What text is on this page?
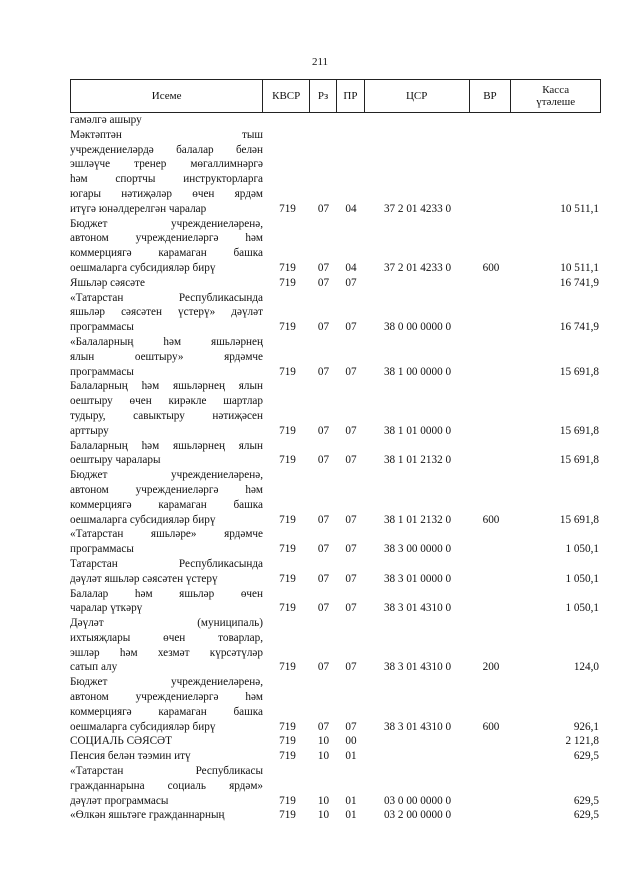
211
Исеме	КВСР	Рз	ПР	ЦСР	ВР	Касса
үтәлеше
гамәлгә ашыру
Мәктәптән тыш
учреждениеләрдә балалар белән
эшләүче тренер мөгаллимнәргә
һәм спортчы инструкторларга
югары нәтиҗәләр өчен ярдәм
итүгә юнәлдерелгән чаралар	719	07	04	37 2 01 4233 0	10 511,1
Бюджет учреждениеләренә,
автоном учреждениеләргә һәм
коммерциягә карамаган башка
оешмаларга субсидияләр бирү	719	07	04	37 2 01 4233 0	600	10 511,1
Яшьләр сәясәте	719	07	07	16 741,9
«Татарстан Республикасында
яшьләр сәясәтен үстерү» дәүләт
программасы	719	07	07	38 0 00 0000 0	16 741,9
«Балаларның һәм яшьләрнең
ялын оештыру» ярдәмче
программасы	719	07	07	38 1 00 0000 0	15 691,8
Балаларның һәм яшьләрнең ялын
оештыру өчен кирәкле шартлар
тудыру, савыктыру нәтиҗәсен
арттыру	719	07	07	38 1 01 0000 0	15 691,8
Балаларның һәм яшьләрнең ялын
оештыру чаралары	719	07	07	38 1 01 2132 0	15 691,8
Бюджет учреждениеләренә,
автоном учреждениеләргә һәм
коммерциягә карамаган башка
оешмаларга субсидияләр бирү	719	07	07	38 1 01 2132 0	600	15 691,8
«Татарстан яшьләре» ярдәмче
программасы	719	07	07	38 3 00 0000 0	1 050,1
Татарстан Республикасында
дәүләт яшьләр сәясәтен үстерү	719	07	07	38 3 01 0000 0	1 050,1
Балалар һәм яшьләр өчен
чаралар үткәрү	719	07	07	38 3 01 4310 0	1 050,1
Дәүләт (муниципаль)
ихтыяҗлары өчен товарлар,
эшләр һәм хезмәт күрсәтүләр
сатып алу	719	07	07	38 3 01 4310 0	200	124,0
Бюджет учреждениеләренә,
автоном учреждениеләргә һәм
коммерциягә карамаган башка
оешмаларга субсидияләр бирү	719	07	07	38 3 01 4310 0	600	926,1
СОЦИАЛЬ СӘЯСӘТ	719	10	00	2 121,8
Пенсия белән тәэмин итү	719	10	01	629,5
«Татарстан Республикасы
гражданнарына социаль ярдәм»
дәүләт программасы	719	10	01	03 0 00 0000 0	629,5
«Өлкән яшьтәге гражданнарның	719	10	01	03 2 00 0000 0	629,5
